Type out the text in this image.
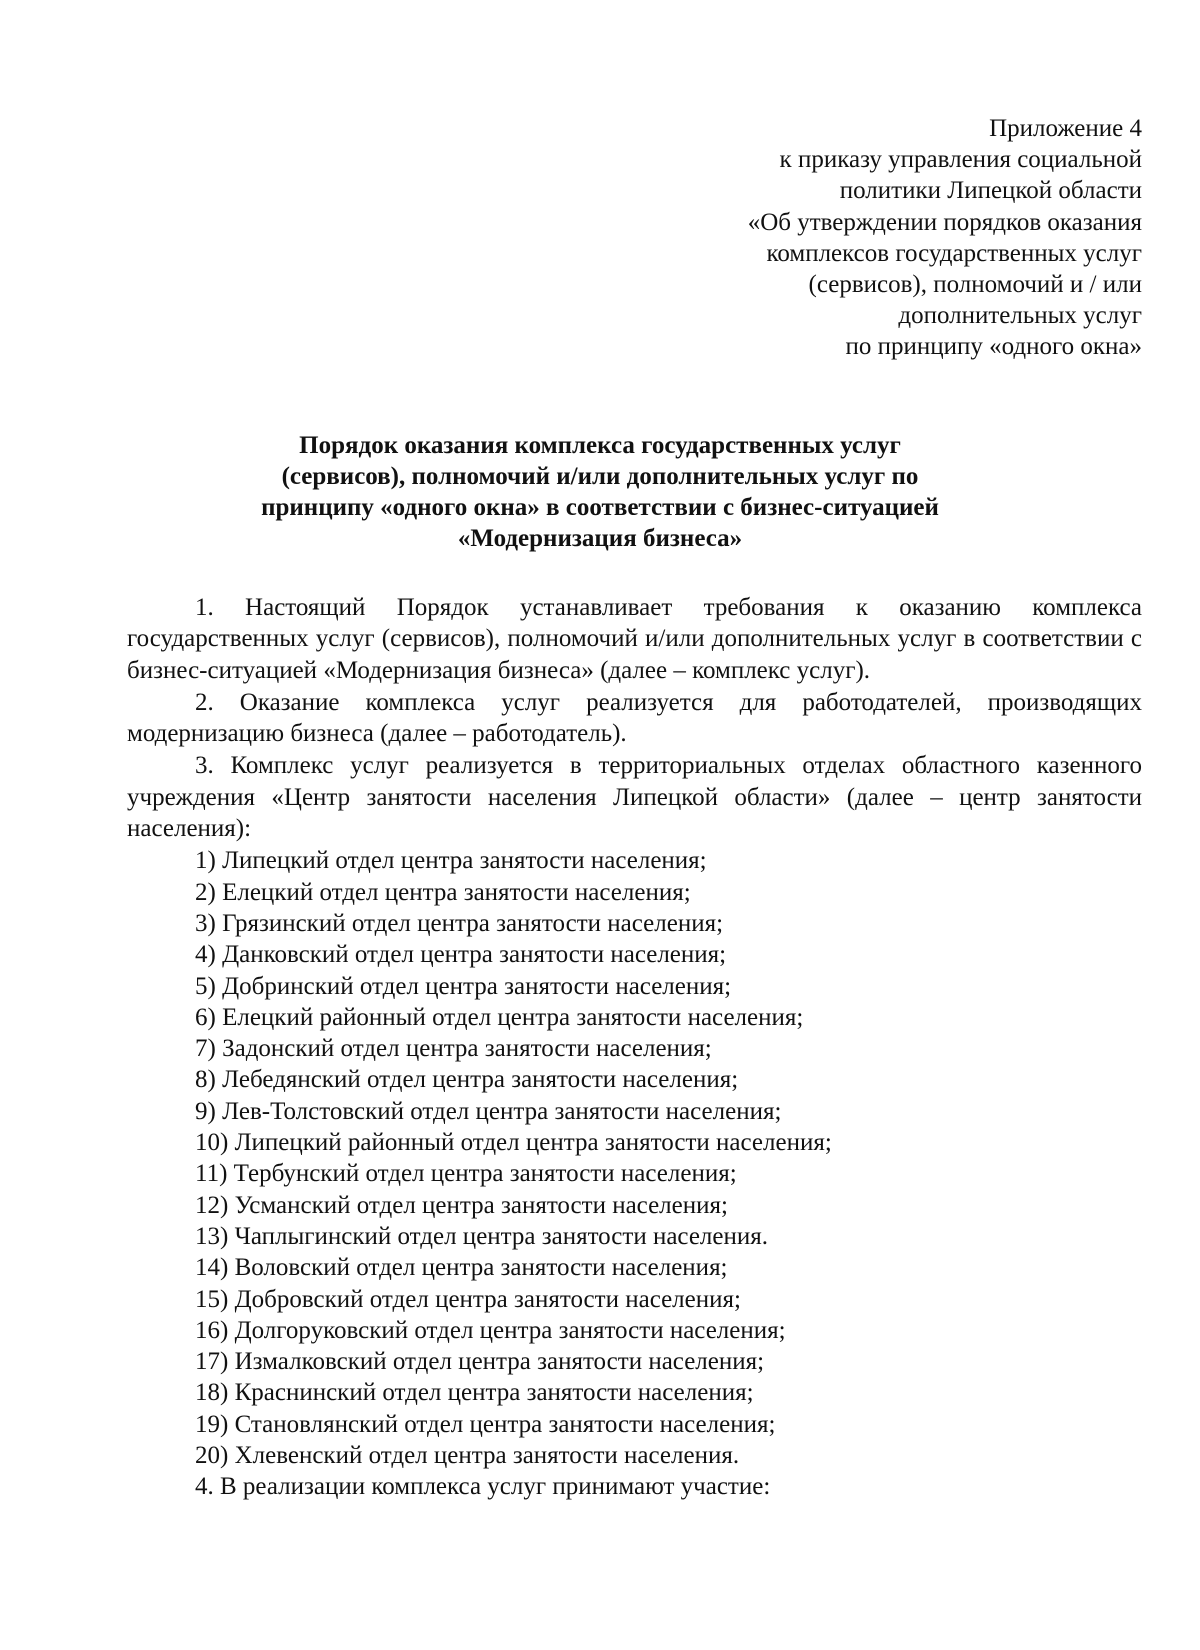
Приложение 4
к приказу управления социальной
политики Липецкой области
«Об утверждении порядков оказания
комплексов государственных услуг
(сервисов), полномочий и / или
дополнительных услуг
по принципу «одного окна»
Порядок оказания комплекса государственных услуг
(сервисов), полномочий и/или дополнительных услуг по
принципу «одного окна» в соответствии с бизнес-ситуацией
«Модернизация бизнеса»

1. Настоящий Порядок устанавливает требования к оказанию комплекса государственных услуг (сервисов), полномочий и/или дополнительных услуг в соответствии с бизнес-ситуацией «Модернизация бизнеса» (далее – комплекс услуг).

2. Оказание комплекса услуг реализуется для работодателей, производящих модернизацию бизнеса (далее – работодатель).

3. Комплекс услуг реализуется в территориальных отделах областного казенного учреждения «Центр занятости населения Липецкой области» (далее – центр занятости населения):

1) Липецкий отдел центра занятости населения;
2) Елецкий отдел центра занятости населения;
3) Грязинский отдел центра занятости населения;
4) Данковский отдел центра занятости населения;
5) Добринский отдел центра занятости населения;
6) Елецкий районный отдел центра занятости населения;
7) Задонский отдел центра занятости населения;
8) Лебедянский отдел центра занятости населения;
9) Лев-Толстовский отдел центра занятости населения;
10) Липецкий районный отдел центра занятости населения;
11) Тербунский отдел центра занятости населения;
12) Усманский отдел центра занятости населения;
13) Чаплыгинский отдел центра занятости населения.
14) Воловский отдел центра занятости населения;
15) Добровский отдел центра занятости населения;
16) Долгоруковский отдел центра занятости населения;
17) Измалковский отдел центра занятости населения;
18) Краснинский отдел центра занятости населения;
19) Становлянский отдел центра занятости населения;
20) Хлевенский отдел центра занятости населения.

4. В реализации комплекса услуг принимают участие:
